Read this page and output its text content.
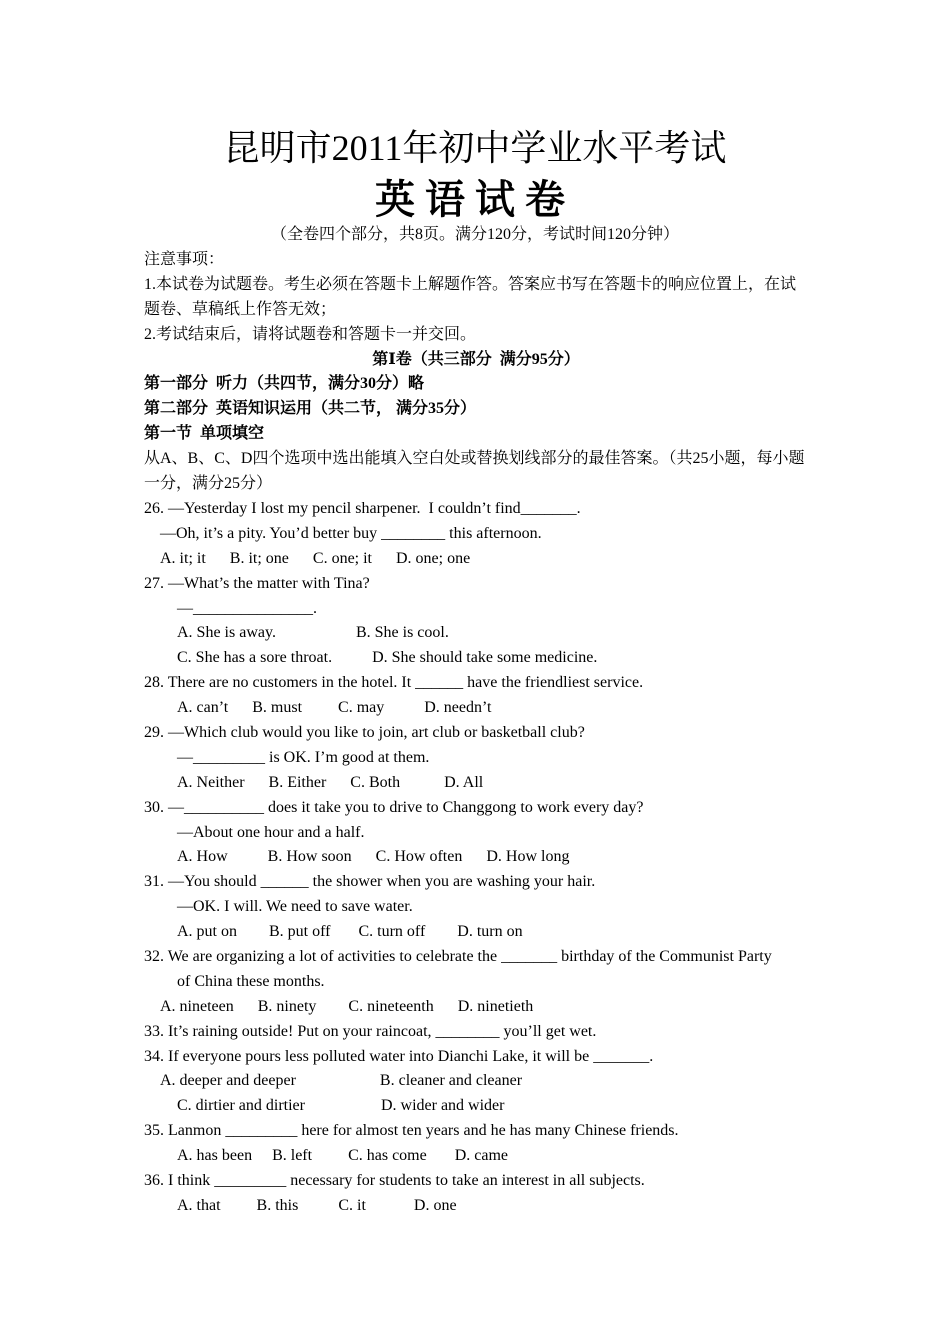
昆明市2011年初中学业水平考试
英语试卷
（全卷四个部分，共8页。满分120分，考试时间120分钟）
注意事项：
1.本试卷为试题卷。考生必须在答题卡上解题作答。答案应书写在答题卡的响应位置上，在试题卷、草稿纸上作答无效；
2.考试结束后，请将试题卷和答题卡一并交回。
第Ⅰ卷（共三部分  满分95分）
第一部分  听力（共四节，满分30分）略
第二部分  英语知识运用（共二节， 满分35分）
第一节  单项填空
从A、B、C、D四个选项中选出能填入空白处或替换划线部分的最佳答案。（共25小题，每小题一分，满分25分）
26. —Yesterday I lost my pencil sharpener.  I couldn’t find_______.
—Oh, it’s a pity. You’d better buy ________ this afternoon.
A. it; it      B. it; one      C. one; it      D. one; one
27. —What’s the matter with Tina?
—_______________.
A. She is away.                    B. She is cool.
C. She has a sore throat.          D. She should take some medicine.
28. There are no customers in the hotel. It ______ have the friendliest service.
A. can’t      B. must         C. may          D. needn’t
29. —Which club would you like to join, art club or basketball club?
—_________ is OK. I’m good at them.
A. Neither      B. Either      C. Both           D. All
30. —__________ does it take you to drive to Changgong to work every day?
—About one hour and a half.
A. How          B. How soon      C. How often      D. How long
31. —You should ______ the shower when you are washing your hair.
—OK. I will. We need to save water.
A. put on        B. put off       C. turn off        D. turn on
32. We are organizing a lot of activities to celebrate the _______ birthday of the Communist Party
of China these months.
A. nineteen      B. ninety        C. nineteenth      D. ninetieth
33. It’s raining outside! Put on your raincoat, ________ you’ll get wet.
34. If everyone pours less polluted water into Dianchi Lake, it will be _______.
A. deeper and deeper                     B. cleaner and cleaner
C. dirtier and dirtier                   D. wider and wider
35. Lanmon _________ here for almost ten years and he has many Chinese friends.
A. has been     B. left         C. has come       D. came
36. I think _________ necessary for students to take an interest in all subjects.
A. that         B. this          C. it            D. one
